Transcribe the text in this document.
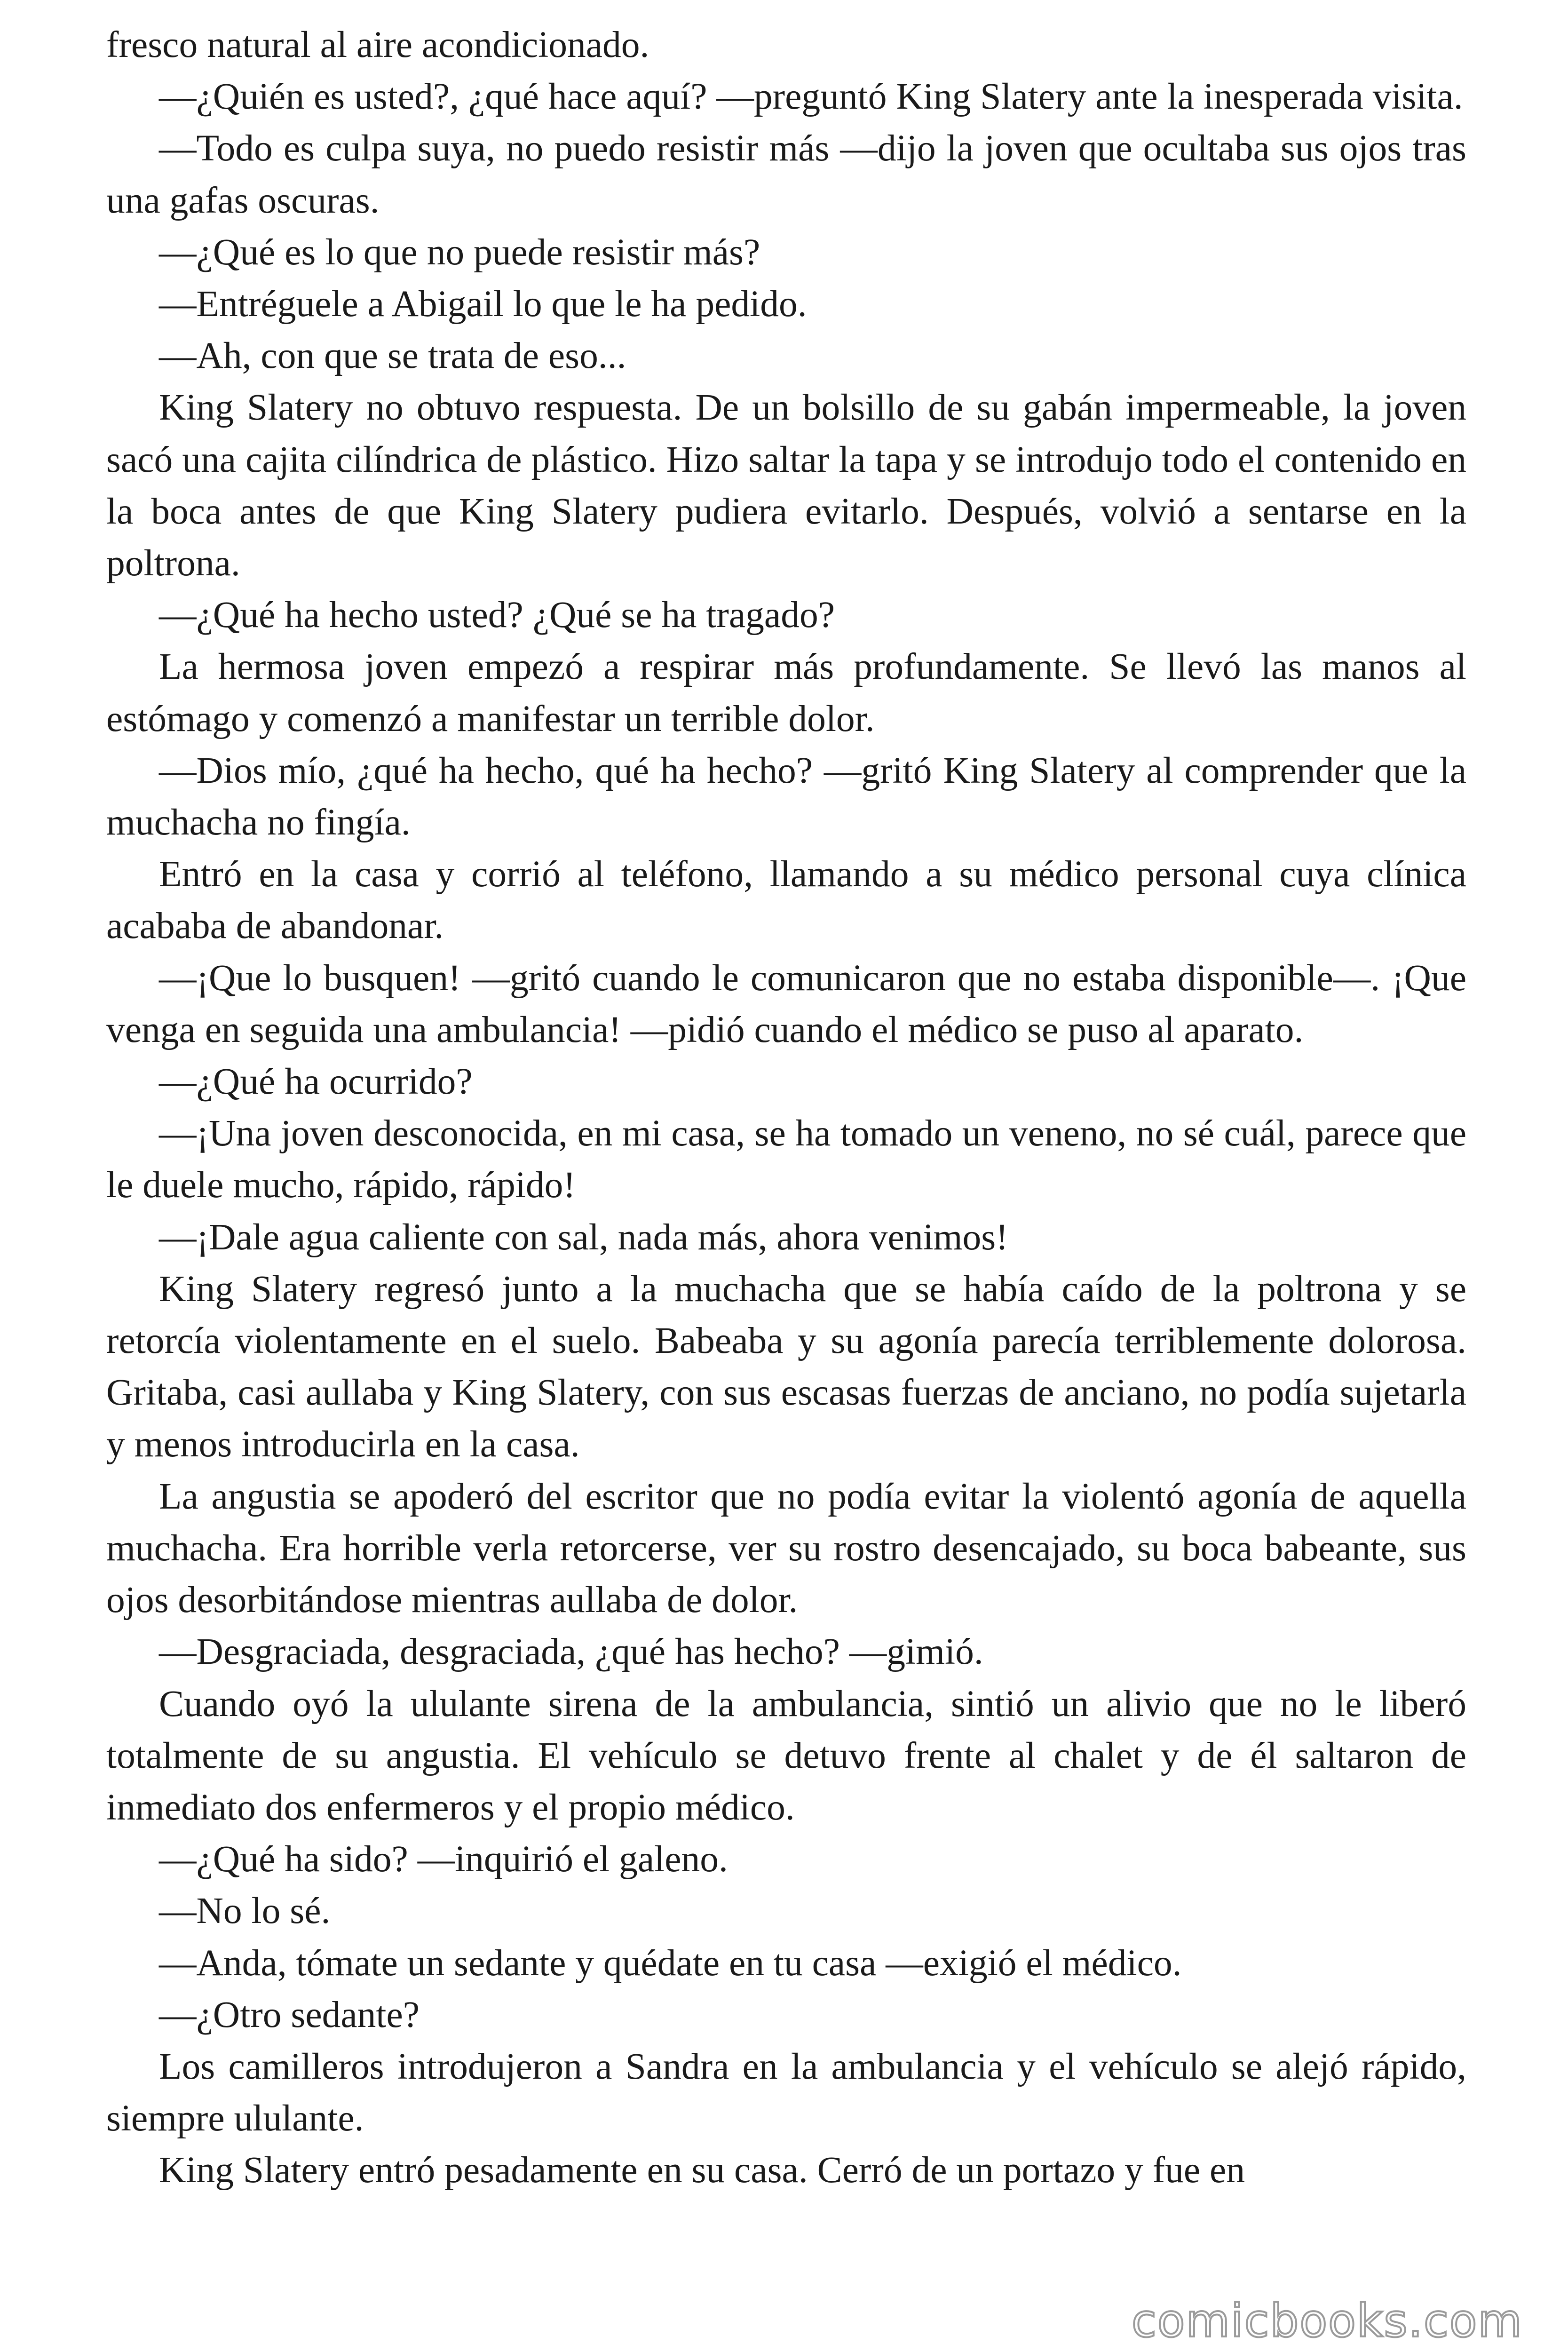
fresco natural al aire acondicionado.

—¿Quién es usted?, ¿qué hace aquí? —preguntó King Slatery ante la inesperada visita.

—Todo es culpa suya, no puedo resistir más —dijo la joven que ocultaba sus ojos tras una gafas oscuras.

—¿Qué es lo que no puede resistir más?

—Entréguele a Abigail lo que le ha pedido.

—Ah, con que se trata de eso...

King Slatery no obtuvo respuesta. De un bolsillo de su gabán impermeable, la joven sacó una cajita cilíndrica de plástico. Hizo saltar la tapa y se introdujo todo el contenido en la boca antes de que King Slatery pudiera evitarlo. Después, volvió a sentarse en la poltrona.

—¿Qué ha hecho usted? ¿Qué se ha tragado?

La hermosa joven empezó a respirar más profundamente. Se llevó las manos al estómago y comenzó a manifestar un terrible dolor.

—Dios mío, ¿qué ha hecho, qué ha hecho? —gritó King Slatery al comprender que la muchacha no fingía.

Entró en la casa y corrió al teléfono, llamando a su médico personal cuya clínica acababa de abandonar.

—¡Que lo busquen! —gritó cuando le comunicaron que no estaba disponible—. ¡Que venga en seguida una ambulancia! —pidió cuando el médico se puso al aparato.

—¿Qué ha ocurrido?

—¡Una joven desconocida, en mi casa, se ha tomado un veneno, no sé cuál, parece que le duele mucho, rápido, rápido!

—¡Dale agua caliente con sal, nada más, ahora venimos!

King Slatery regresó junto a la muchacha que se había caído de la poltrona y se retorcía violentamente en el suelo. Babeaba y su agonía parecía terriblemente dolorosa. Gritaba, casi aullaba y King Slatery, con sus escasas fuerzas de anciano, no podía sujetarla y menos introducirla en la casa.

La angustia se apoderó del escritor que no podía evitar la violentó agonía de aquella muchacha. Era horrible verla retorcerse, ver su rostro desencajado, su boca babeante, sus ojos desorbitándose mientras aullaba de dolor.

—Desgraciada, desgraciada, ¿qué has hecho? —gimió.

Cuando oyó la ululante sirena de la ambulancia, sintió un alivio que no le liberó totalmente de su angustia. El vehículo se detuvo frente al chalet y de él saltaron de inmediato dos enfermeros y el propio médico.

—¿Qué ha sido? —inquirió el galeno.

—No lo sé.

—Anda, tómate un sedante y quédate en tu casa —exigió el médico.

—¿Otro sedante?

Los camilleros introdujeron a Sandra en la ambulancia y el vehículo se alejó rápido, siempre ululante.

King Slatery entró pesadamente en su casa. Cerró de un portazo y fue en

comicbooks.com
